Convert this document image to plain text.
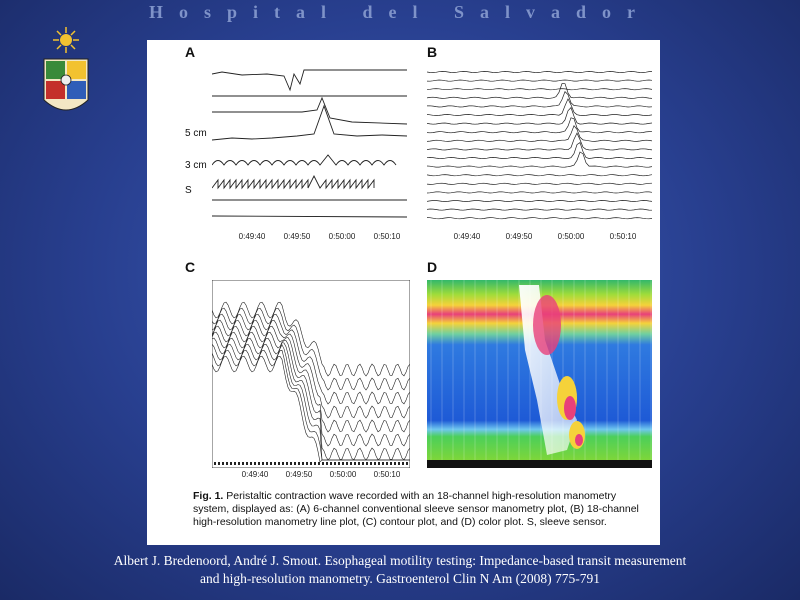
Hospital del Salvador
A
5 cm
3 cm
S
0:49:40	0:49:50	0:50:00	0:50:10
B
0:49:40	0:49:50	0:50:00	0:50:10
C
0:49:40	0:49:50	0:50:00	0:50:10
D
Fig. 1. Peristaltic contraction wave recorded with an 18-channel high-resolution manometry system, displayed as: (A) 6-channel conventional sleeve sensor manometry plot, (B) 18-channel high-resolution manometry line plot, (C) contour plot, and (D) color plot. S, sleeve sensor.
Albert J. Bredenoord, André J. Smout. Esophageal motility testing: Impedance-based transit measurement
and high-resolution manometry. Gastroenterol Clin N Am (2008) 775-791
